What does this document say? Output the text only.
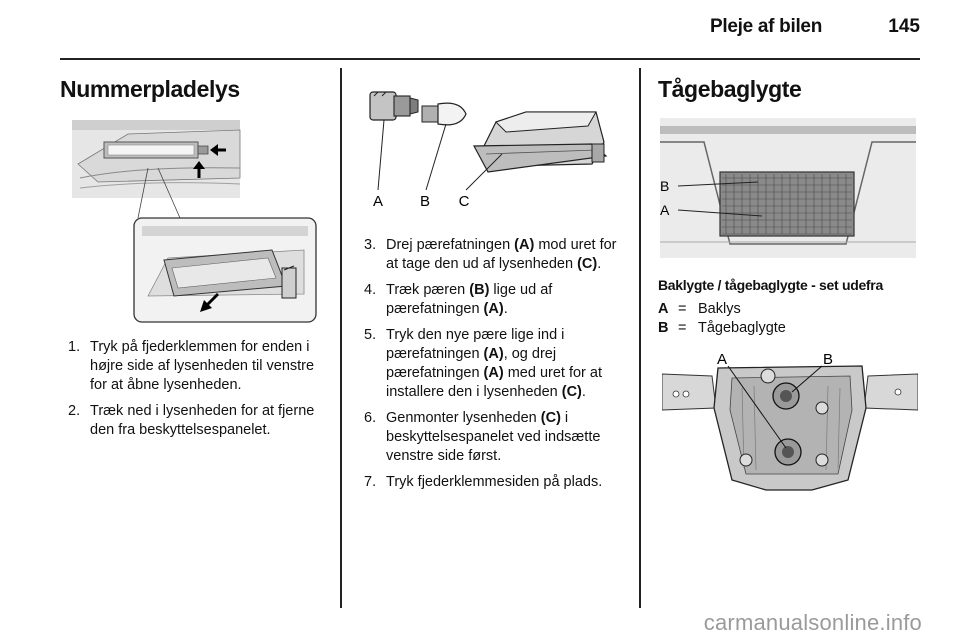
Pleje af bilen	145
Nummerpladelys
1. Tryk på fjederklemmen for enden i højre side af lysenheden til venstre for at åbne lysenheden.
2. Træk ned i lysenheden for at fjerne den fra beskyttelsespanelet.
A B C
3. Drej pærefatningen (A) mod uret for at tage den ud af lysenheden (C).
4. Træk pæren (B) lige ud af pærefatningen (A).
5. Tryk den nye pære lige ind i pærefatningen (A), og drej pærefatningen (A) med uret for at installere den i lysenheden (C).
6. Genmonter lysenheden (C) i beskyttelsespanelet ved indsætte venstre side først.
7. Tryk fjederklemmesiden på plads.
Tågebaglygte
B
A
Baklygte / tågebaglygte - set udefra
A = Baklys
B = Tågebaglygte
A	B
carmanualsonline.info
